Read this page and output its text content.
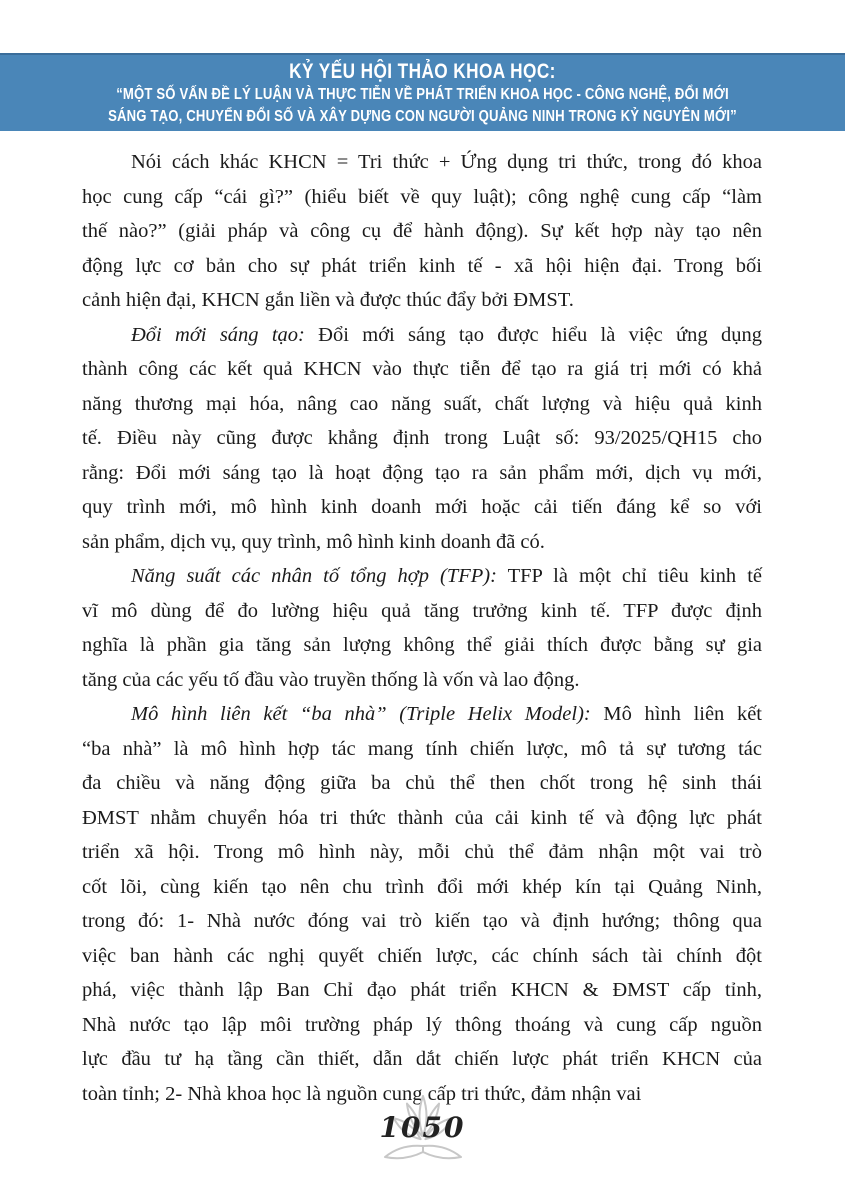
KỶ YẾU HỘI THẢO KHOA HỌC:
“MỘT SỐ VẤN ĐỀ LÝ LUẬN VÀ THỰC TIỄN VỀ PHÁT TRIỂN KHOA HỌC - CÔNG NGHỆ, ĐỔI MỚI
SÁNG TẠO, CHUYỂN ĐỔI SỐ VÀ XÂY DỰNG CON NGƯỜI QUẢNG NINH TRONG KỶ NGUYÊN MỚI”
Nói cách khác KHCN = Tri thức + Ứng dụng tri thức, trong đó khoa
học cung cấp “cái gì?” (hiểu biết về quy luật); công nghệ cung cấp “làm
thế nào?” (giải pháp và công cụ để hành động). Sự kết hợp này tạo nên
động lực cơ bản cho sự phát triển kinh tế - xã hội hiện đại. Trong bối
cảnh hiện đại, KHCN gắn liền và được thúc đẩy bởi ĐMST.
Đổi mới sáng tạo: Đổi mới sáng tạo được hiểu là việc ứng dụng
thành công các kết quả KHCN vào thực tiễn để tạo ra giá trị mới có khả
năng thương mại hóa, nâng cao năng suất, chất lượng và hiệu quả kinh
tế. Điều này cũng được khẳng định trong Luật số: 93/2025/QH15 cho
rằng: Đổi mới sáng tạo là hoạt động tạo ra sản phẩm mới, dịch vụ mới,
quy trình mới, mô hình kinh doanh mới hoặc cải tiến đáng kể so với
sản phẩm, dịch vụ, quy trình, mô hình kinh doanh đã có.
Năng suất các nhân tố tổng hợp (TFP): TFP là một chỉ tiêu kinh tế
vĩ mô dùng để đo lường hiệu quả tăng trưởng kinh tế. TFP được định
nghĩa là phần gia tăng sản lượng không thể giải thích được bằng sự gia
tăng của các yếu tố đầu vào truyền thống là vốn và lao động.
Mô hình liên kết “ba nhà” (Triple Helix Model): Mô hình liên kết
“ba nhà” là mô hình hợp tác mang tính chiến lược, mô tả sự tương tác
đa chiều và năng động giữa ba chủ thể then chốt trong hệ sinh thái
ĐMST nhằm chuyển hóa tri thức thành của cải kinh tế và động lực phát
triển xã hội. Trong mô hình này, mỗi chủ thể đảm nhận một vai trò
cốt lõi, cùng kiến tạo nên chu trình đổi mới khép kín tại Quảng Ninh,
trong đó: 1- Nhà nước đóng vai trò kiến tạo và định hướng; thông qua
việc ban hành các nghị quyết chiến lược, các chính sách tài chính đột
phá, việc thành lập Ban Chỉ đạo phát triển KHCN & ĐMST cấp tỉnh,
Nhà nước tạo lập môi trường pháp lý thông thoáng và cung cấp nguồn
lực đầu tư hạ tầng cần thiết, dẫn dắt chiến lược phát triển KHCN của
toàn tỉnh; 2- Nhà khoa học là nguồn cung cấp tri thức, đảm nhận vai
1050
